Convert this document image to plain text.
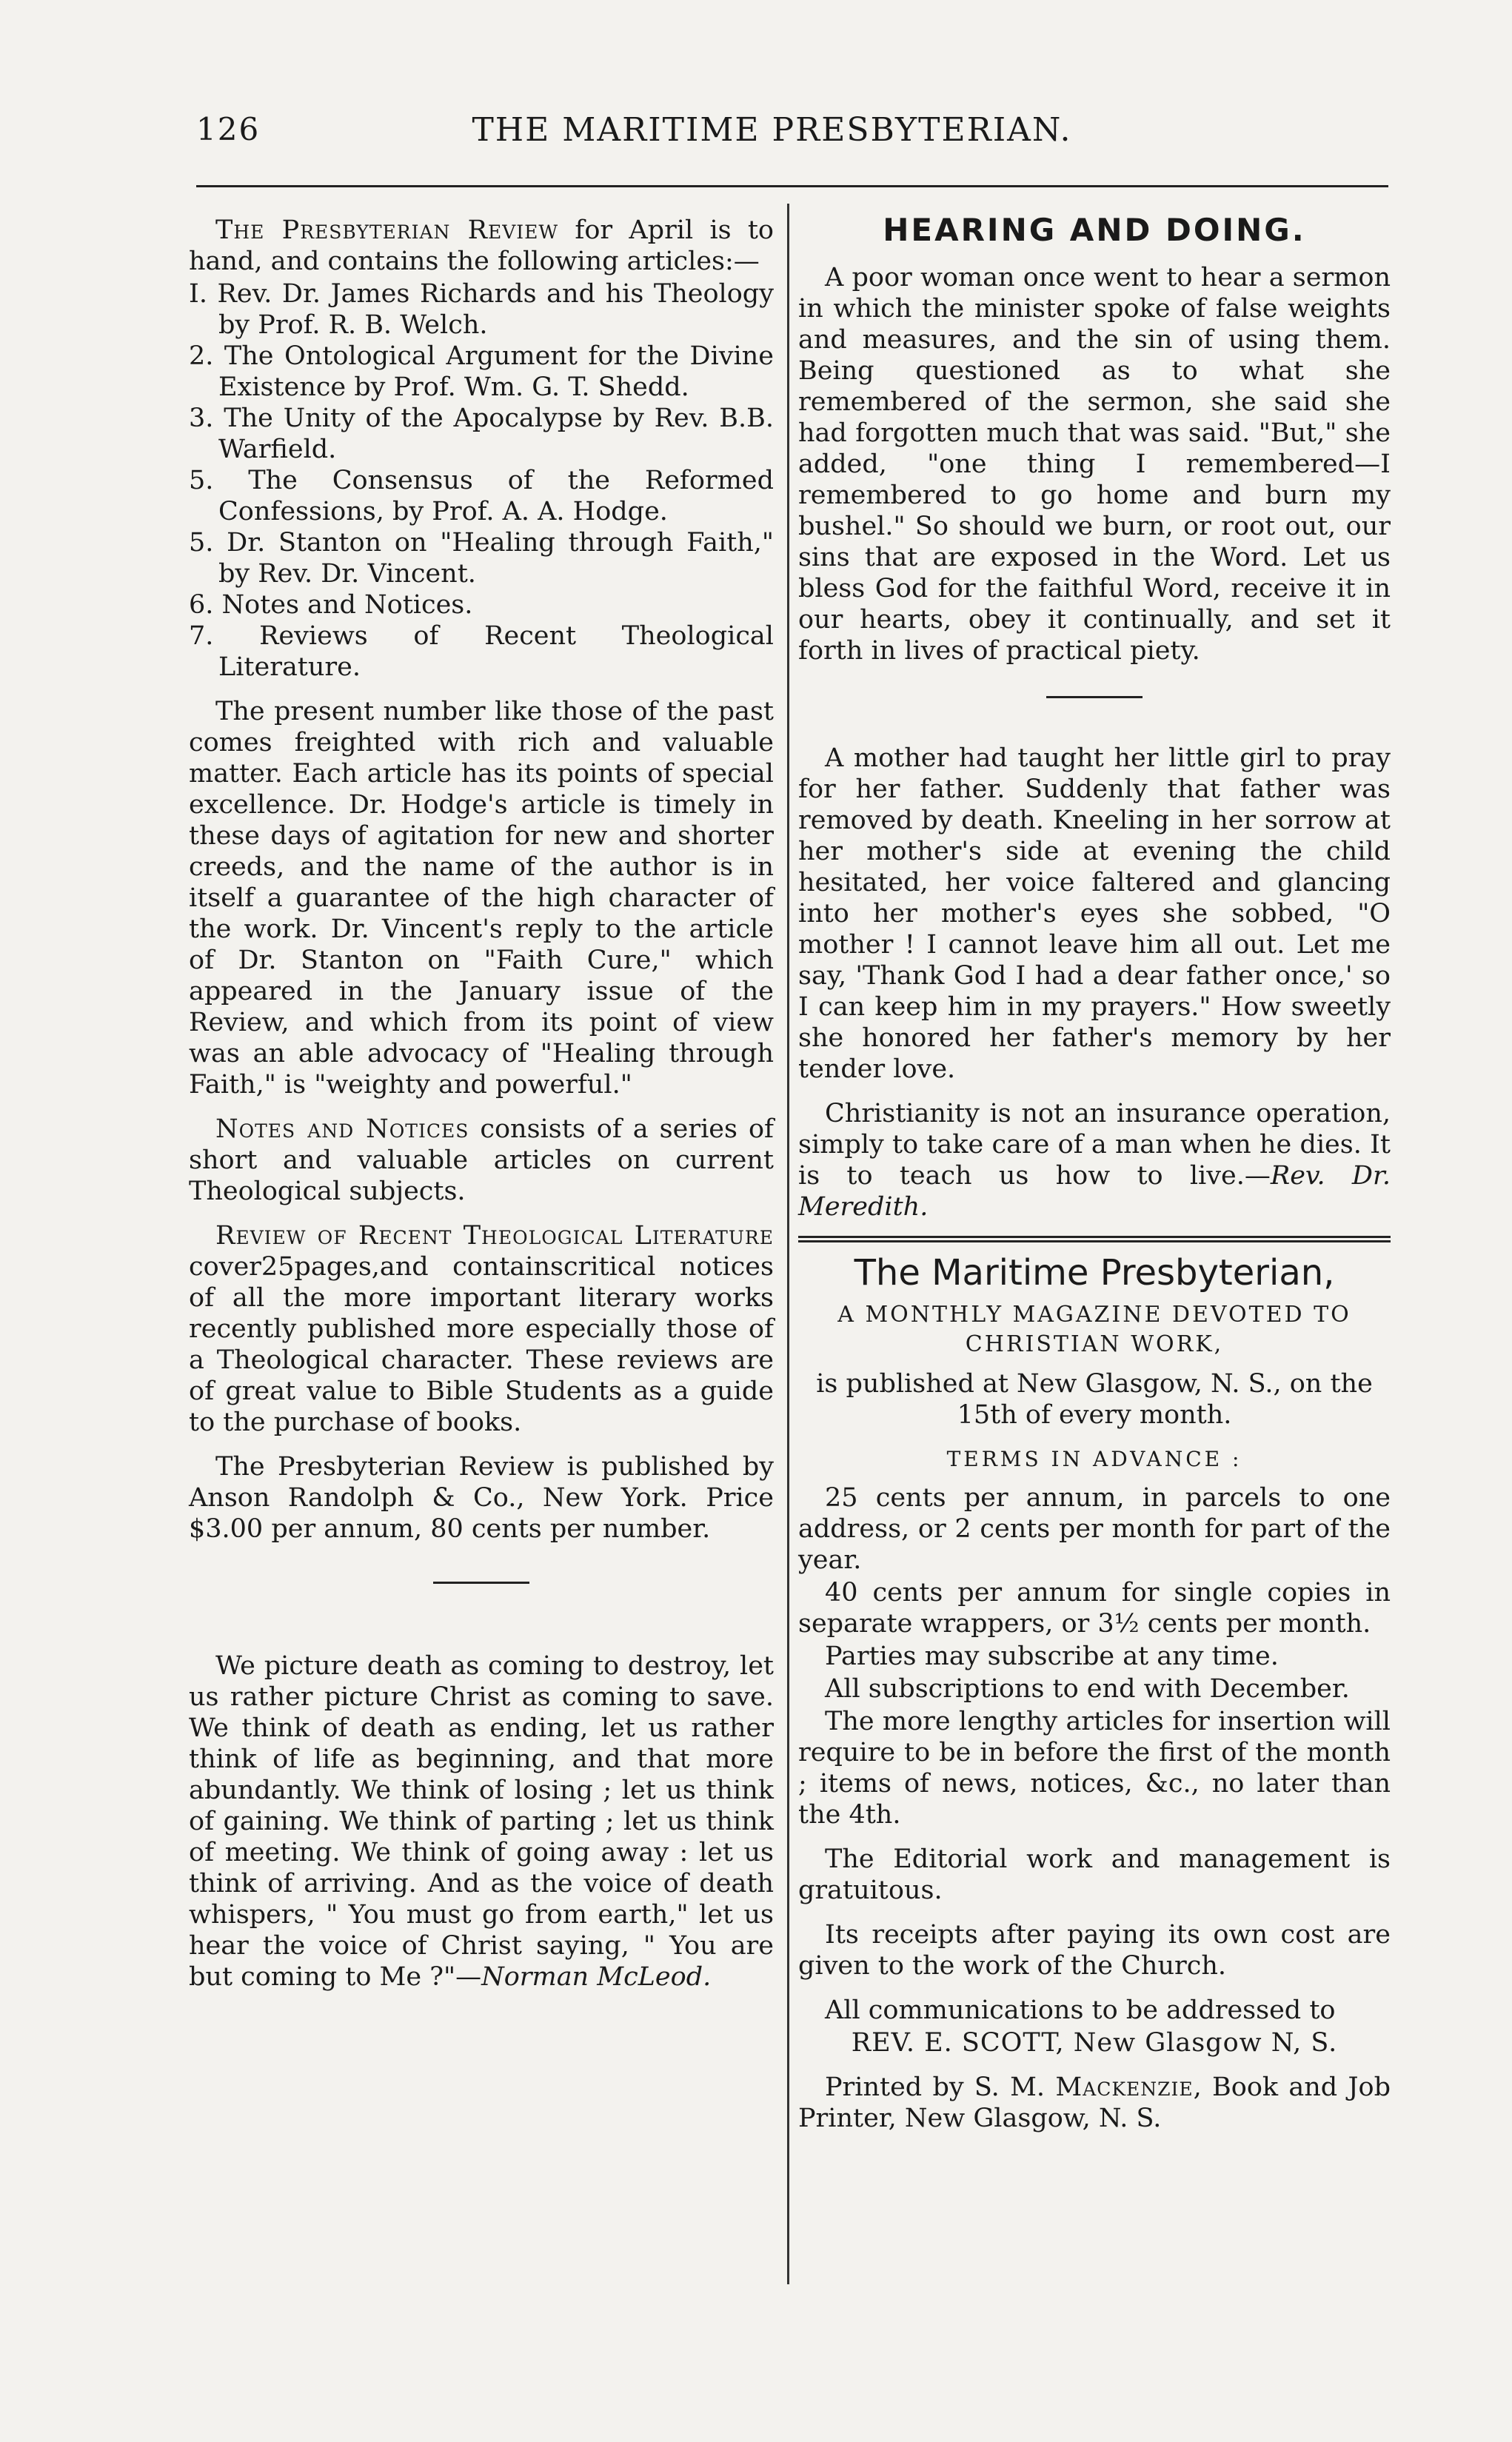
126	THE MARITIME PRESBYTERIAN.

The Presbyterian Review for April is to hand, and contains the following articles:—

I. Rev. Dr. James Richards and his Theology by Prof. R. B. Welch.

2. The Ontological Argument for the Divine Existence by Prof. Wm. G. T. Shedd.

3. The Unity of the Apocalypse by Rev. B.B. Warfield.

5. The Consensus of the Reformed Confessions, by Prof. A. A. Hodge.

5. Dr. Stanton on "Healing through Faith," by Rev. Dr. Vincent.

6. Notes and Notices.

7. Reviews of Recent Theological Literature.

The present number like those of the past comes freighted with rich and valuable matter. Each article has its points of special excellence. Dr. Hodge's article is timely in these days of agitation for new and shorter creeds, and the name of the author is in itself a guarantee of the high character of the work. Dr. Vincent's reply to the article of Dr. Stanton on "Faith Cure," which appeared in the January issue of the Review, and which from its point of view was an able advocacy of "Healing through Faith," is "weighty and powerful."

Notes and Notices consists of a series of short and valuable articles on current Theological subjects.

Review of Recent Theological Literature cover25pages,and containscritical notices of all the more important literary works recently published more especially those of a Theological character. These reviews are of great value to Bible Students as a guide to the purchase of books.

The Presbyterian Review is published by Anson Randolph & Co., New York. Price $3.00 per annum, 80 cents per number.

We picture death as coming to destroy, let us rather picture Christ as coming to save. We think of death as ending, let us rather think of life as beginning, and that more abundantly. We think of losing ; let us think of gaining. We think of parting ; let us think of meeting. We think of going away : let us think of arriving. And as the voice of death whispers, " You must go from earth," let us hear the voice of Christ saying, " You are but coming to Me ?"—Norman McLeod.

HEARING AND DOING.

A poor woman once went to hear a sermon in which the minister spoke of false weights and measures, and the sin of using them. Being questioned as to what she remembered of the sermon, she said she had forgotten much that was said. "But," she added, "one thing I remembered—I remembered to go home and burn my bushel." So should we burn, or root out, our sins that are exposed in the Word. Let us bless God for the faithful Word, receive it in our hearts, obey it continually, and set it forth in lives of practical piety.

A mother had taught her little girl to pray for her father. Suddenly that father was removed by death. Kneeling in her sorrow at her mother's side at evening the child hesitated, her voice faltered and glancing into her mother's eyes she sobbed, "O mother ! I cannot leave him all out. Let me say, 'Thank God I had a dear father once,' so I can keep him in my prayers." How sweetly she honored her father's memory by her tender love.

Christianity is not an insurance operation, simply to take care of a man when he dies. It is to teach us how to live.—Rev. Dr. Meredith.

The Maritime Presbyterian,
A MONTHLY MAGAZINE DEVOTED TO CHRISTIAN WORK,

is published at New Glasgow, N. S., on the 15th of every month.

TERMS IN ADVANCE :

25 cents per annum, in parcels to one address, or 2 cents per month for part of the year.

40 cents per annum for single copies in separate wrappers, or 3½ cents per month.

Parties may subscribe at any time.

All subscriptions to end with December.

The more lengthy articles for insertion will require to be in before the first of the month ; items of news, notices, &c., no later than the 4th.

The Editorial work and management is gratuitous.

Its receipts after paying its own cost are given to the work of the Church.

All communications to be addressed to

REV. E. SCOTT, New Glasgow N, S.

Printed by S. M. Mackenzie, Book and Job Printer, New Glasgow, N. S.
